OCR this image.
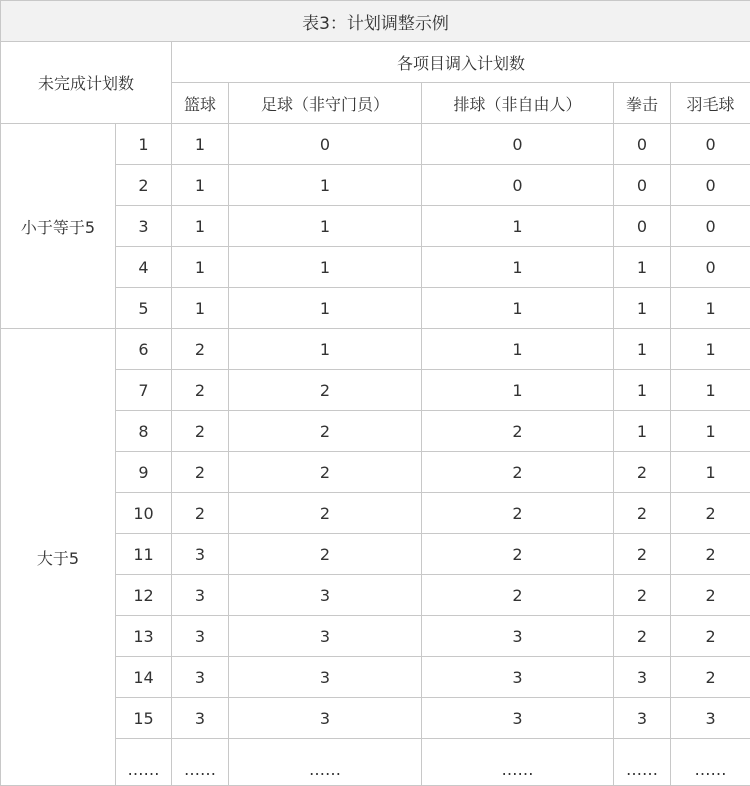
表3：计划调整示例						
未完成计划数		各项目调入计划数				
		篮球	足球（非守门员）	排球（非自由人）	拳击	羽毛球
小于等于5	1	1	0	0	0	0
	2	1	1	0	0	0
	3	1	1	1	0	0
	4	1	1	1	1	0
	5	1	1	1	1	1
大于5	6	2	1	1	1	1
	7	2	2	1	1	1
	8	2	2	2	1	1
	9	2	2	2	2	1
	10	2	2	2	2	2
	11	3	2	2	2	2
	12	3	3	2	2	2
	13	3	3	3	2	2
	14	3	3	3	3	2
	15	3	3	3	3	3
	……	……	……	……	……	……
